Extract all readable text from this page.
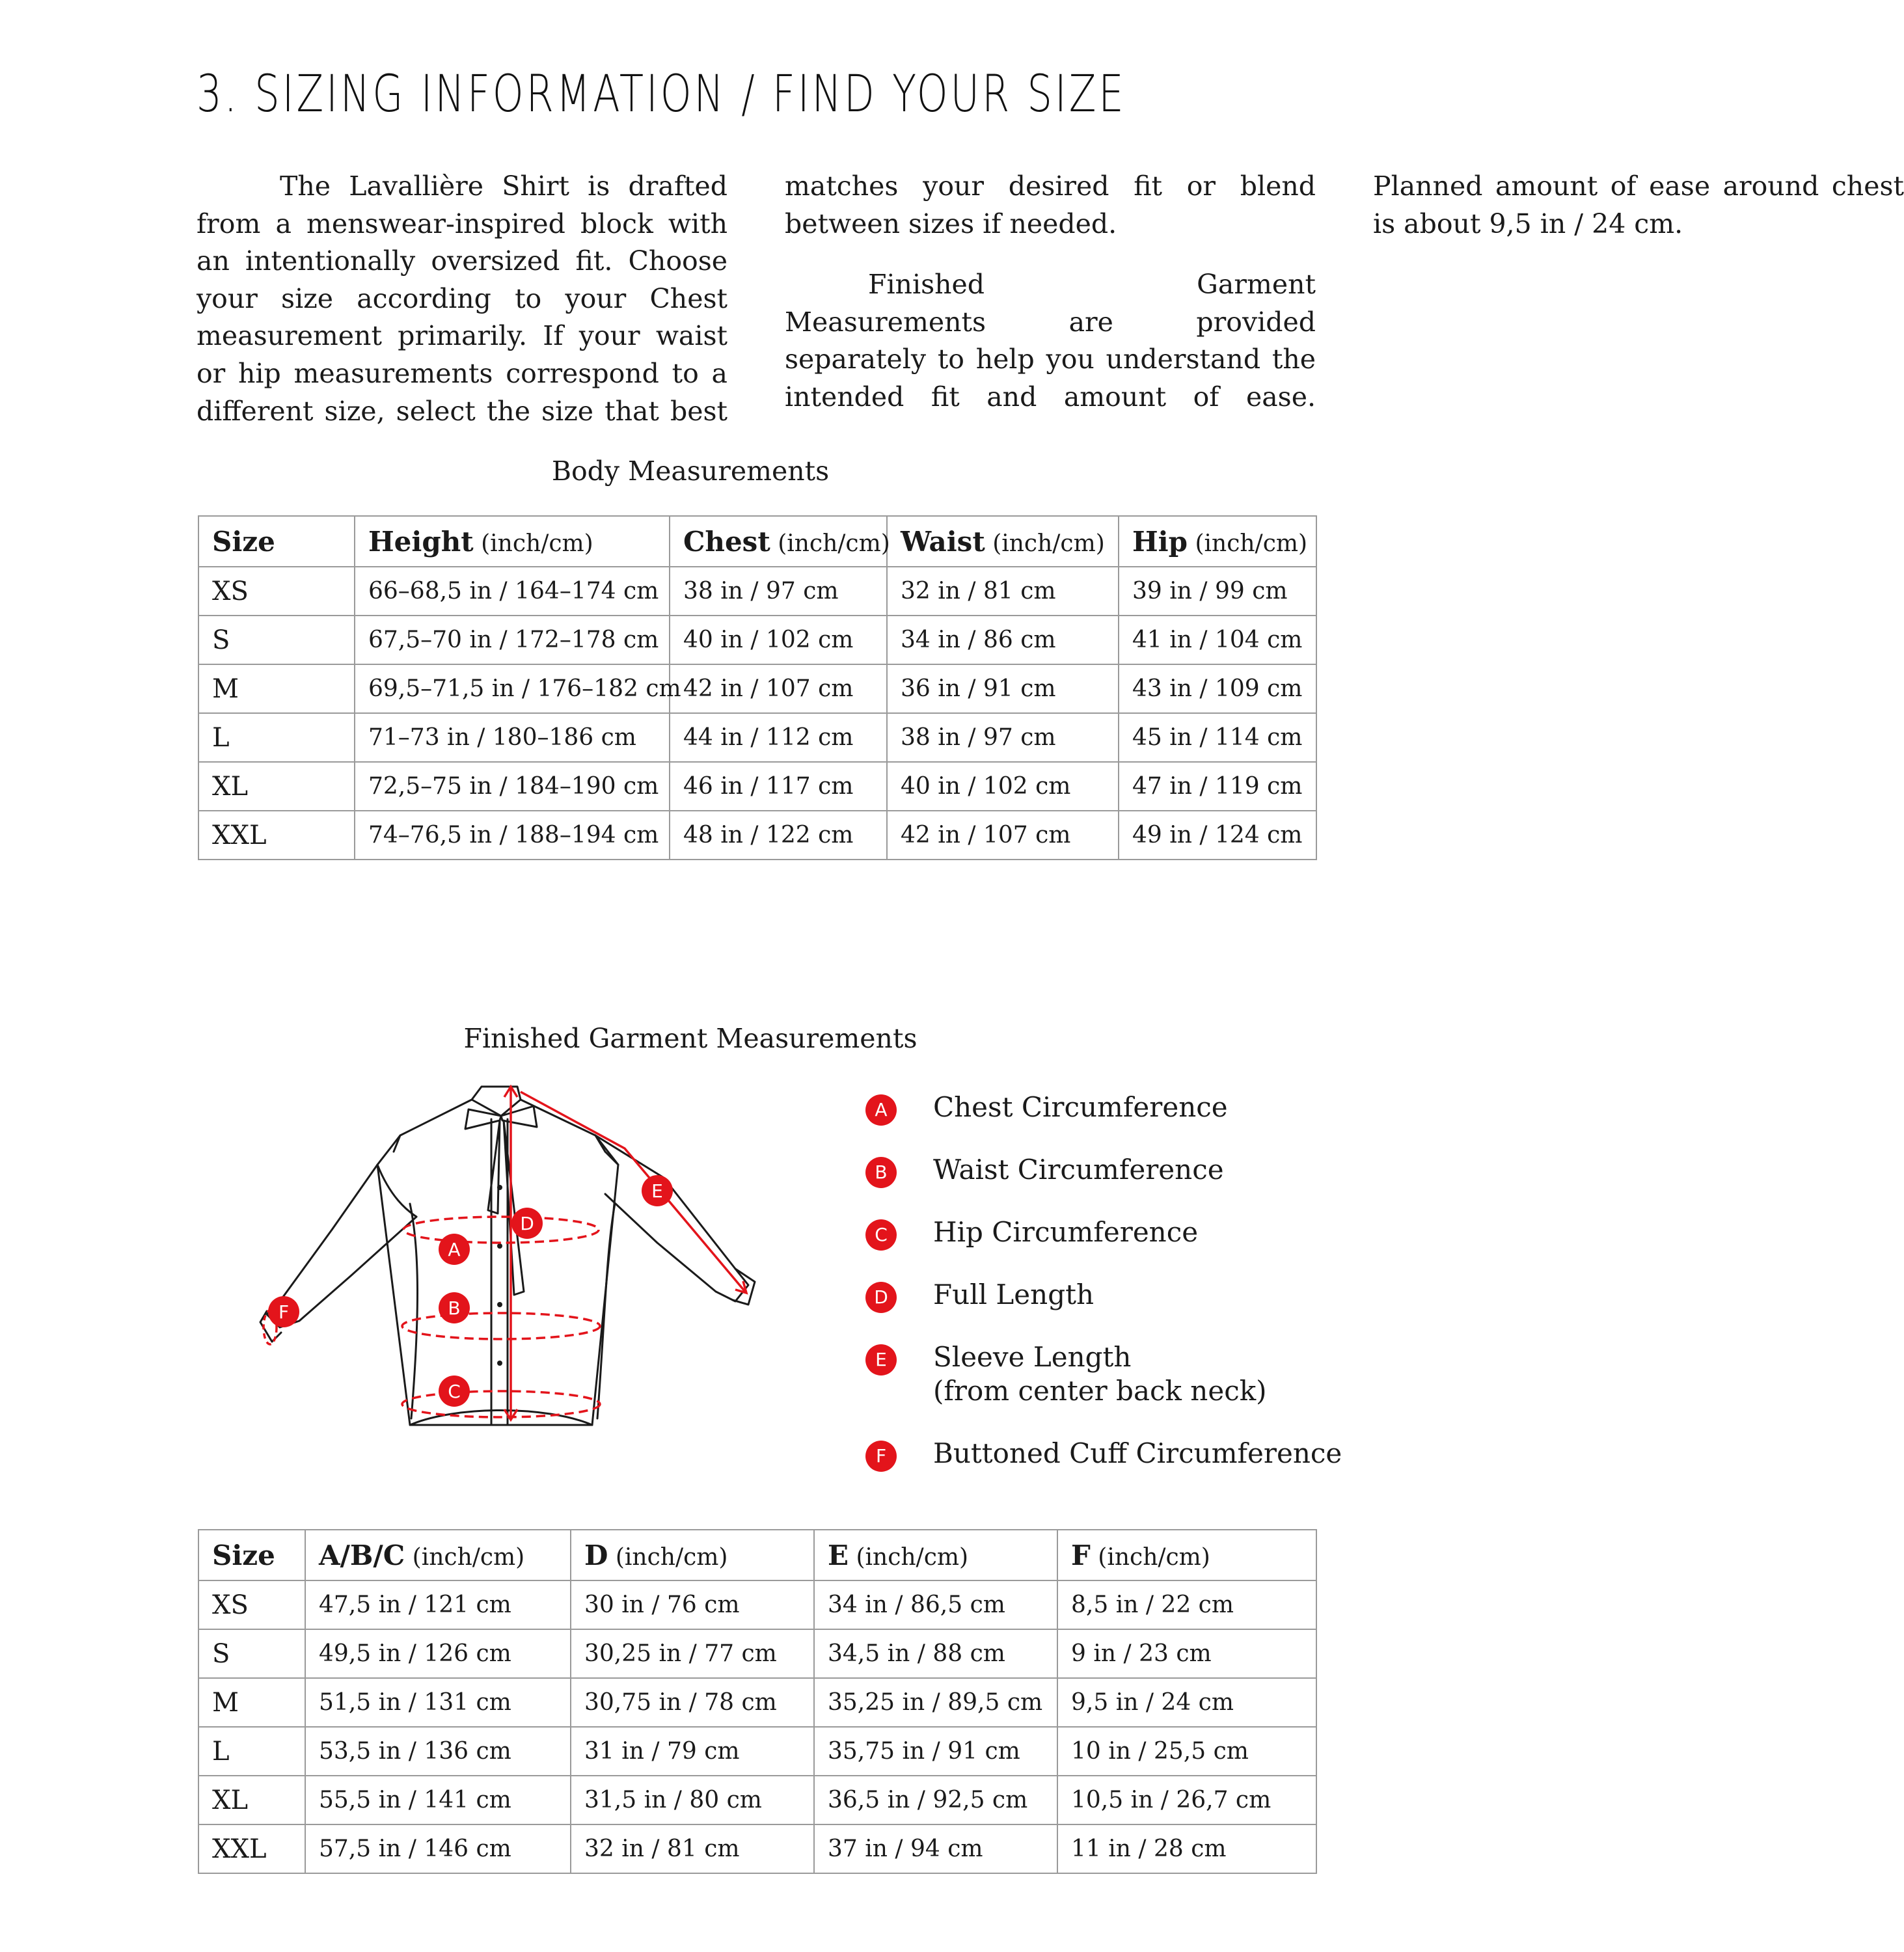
3. SIZING INFORMATION / FIND YOUR SIZE

The Lavallière Shirt is drafted from a menswear-inspired block with an intentionally oversized fit. Choose your size according to your Chest measurement primarily. If your waist or hip measurements correspond to a different size, select the size that best matches your desired fit or blend between sizes if needed.

Finished Garment Measurements are provided separately to help you understand the intended fit and amount of ease. Planned amount of ease around chest is about 9,5 in / 24 cm.

Body Measurements
Size	Height (inch/cm)	Chest (inch/cm)	Waist (inch/cm)	Hip (inch/cm)
XS	66–68,5 in / 164–174 cm	38 in / 97 cm	32 in / 81 cm	39 in / 99 cm
S	67,5–70 in / 172–178 cm	40 in / 102 cm	34 in / 86 cm	41 in / 104 cm
M	69,5–71,5 in / 176–182 cm	42 in / 107 cm	36 in / 91 cm	43 in / 109 cm
L	71–73 in / 180–186 cm	44 in / 112 cm	38 in / 97 cm	45 in / 114 cm
XL	72,5–75 in / 184–190 cm	46 in / 117 cm	40 in / 102 cm	47 in / 119 cm
XXL	74–76,5 in / 188–194 cm	48 in / 122 cm	42 in / 107 cm	49 in / 124 cm
Finished Garment Measurements
A
B
C
D
E
F
A	Chest Circumference
B	Waist Circumference
C	Hip Circumference
D	Full Length
E	Sleeve Length
(from center back neck)
F	Buttoned Cuff Circumference
Size	A/B/C (inch/cm)	D (inch/cm)	E (inch/cm)	F (inch/cm)
XS	47,5 in / 121 cm	30 in / 76 cm	34 in / 86,5 cm	8,5 in / 22 cm
S	49,5 in / 126 cm	30,25 in / 77 cm	34,5 in / 88 cm	9 in / 23 cm
M	51,5 in / 131 cm	30,75 in / 78 cm	35,25 in / 89,5 cm	9,5 in / 24 cm
L	53,5 in / 136 cm	31 in / 79 cm	35,75 in / 91 cm	10 in / 25,5 cm
XL	55,5 in / 141 cm	31,5 in / 80 cm	36,5 in / 92,5 cm	10,5 in / 26,7 cm
XXL	57,5 in / 146 cm	32 in / 81 cm	37 in / 94 cm	11 in / 28 cm
